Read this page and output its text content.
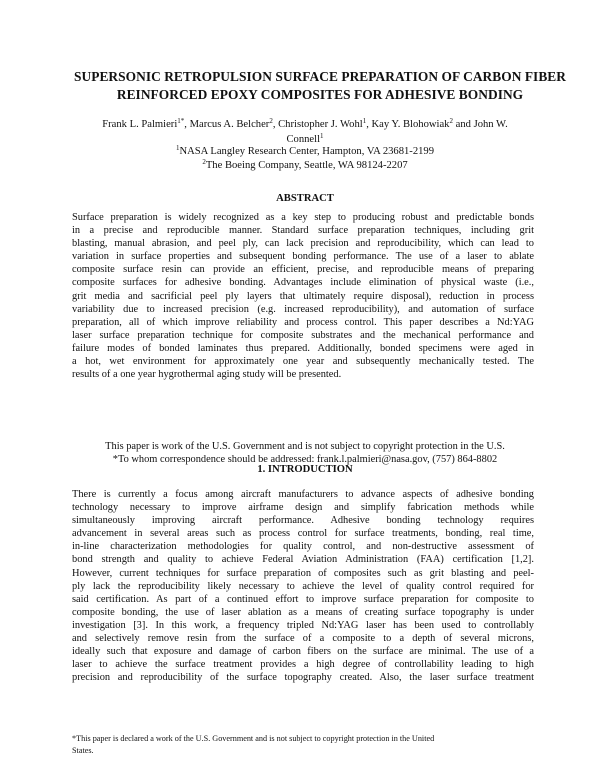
SUPERSONIC RETROPULSION SURFACE PREPARATION OF CARBON FIBER
REINFORCED EPOXY COMPOSITES FOR ADHESIVE BONDING
Frank L. Palmieri$^{1*}$, Marcus A. Belcher$^2$, Christopher J. Wohl$^1$, Kay Y. Blohowiak$^2$ and John W.
Connell$^1$
$^1$NASA Langley Research Center, Hampton, VA 23681-2199
$^2$The Boeing Company, Seattle, WA 98124-2207
ABSTRACT
Surface preparation is widely recognized as a key step to producing robust and predictable bonds
in a precise and reproducible manner. Standard surface preparation techniques, including grit
blasting, manual abrasion, and peel ply, can lack precision and reproducibility, which can lead to
variation in surface properties and subsequent bonding performance. The use of a laser to ablate
composite surface resin can provide an efficient, precise, and reproducible means of preparing
composite surfaces for adhesive bonding. Advantages include elimination of physical waste (i.e.,
grit media and sacrificial peel ply layers that ultimately require disposal), reduction in process
variability due to increased precision (e.g. increased reproducibility), and automation of surface
preparation, all of which improve reliability and process control. This paper describes a Nd:YAG
laser surface preparation technique for composite substrates and the mechanical performance and
failure modes of bonded laminates thus prepared. Additionally, bonded specimens were aged in
a hot, wet environment for approximately one year and subsequently mechanically tested. The
results of a one year hygrothermal aging study will be presented.
This paper is work of the U.S. Government and is not subject to copyright protection in the U.S.
*To whom correspondence should be addressed: frank.l.palmieri@nasa.gov, (757) 864-8802
1. INTRODUCTION
There is currently a focus among aircraft manufacturers to advance aspects of adhesive bonding
technology necessary to improve airframe design and simplify fabrication methods while
simultaneously improving aircraft performance. Adhesive bonding technology requires
advancement in several areas such as process control for surface treatments, bonding, real time,
in-line characterization methodologies for quality control, and non-destructive assessment of
bond strength and quality to achieve Federal Aviation Administration (FAA) certification [1,2].
However, current techniques for surface preparation of composites such as grit blasting and peel-
ply lack the reproducibility likely necessary to achieve the level of quality control required for
said certification. As part of a continued effort to improve surface preparation for composite to
composite bonding, the use of laser ablation as a means of creating surface topography is under
investigation [3]. In this work, a frequency tripled Nd:YAG laser has been used to controllably
and selectively remove resin from the surface of a composite to a depth of several microns,
ideally such that exposure and damage of carbon fibers on the surface are minimal. The use of a
laser to achieve the surface treatment provides a high degree of controllability leading to high
precision and reproducibility of the surface topography created. Also, the laser surface treatment
*This paper is declared a work of the U.S. Government and is not subject to copyright protection in the United
States.
